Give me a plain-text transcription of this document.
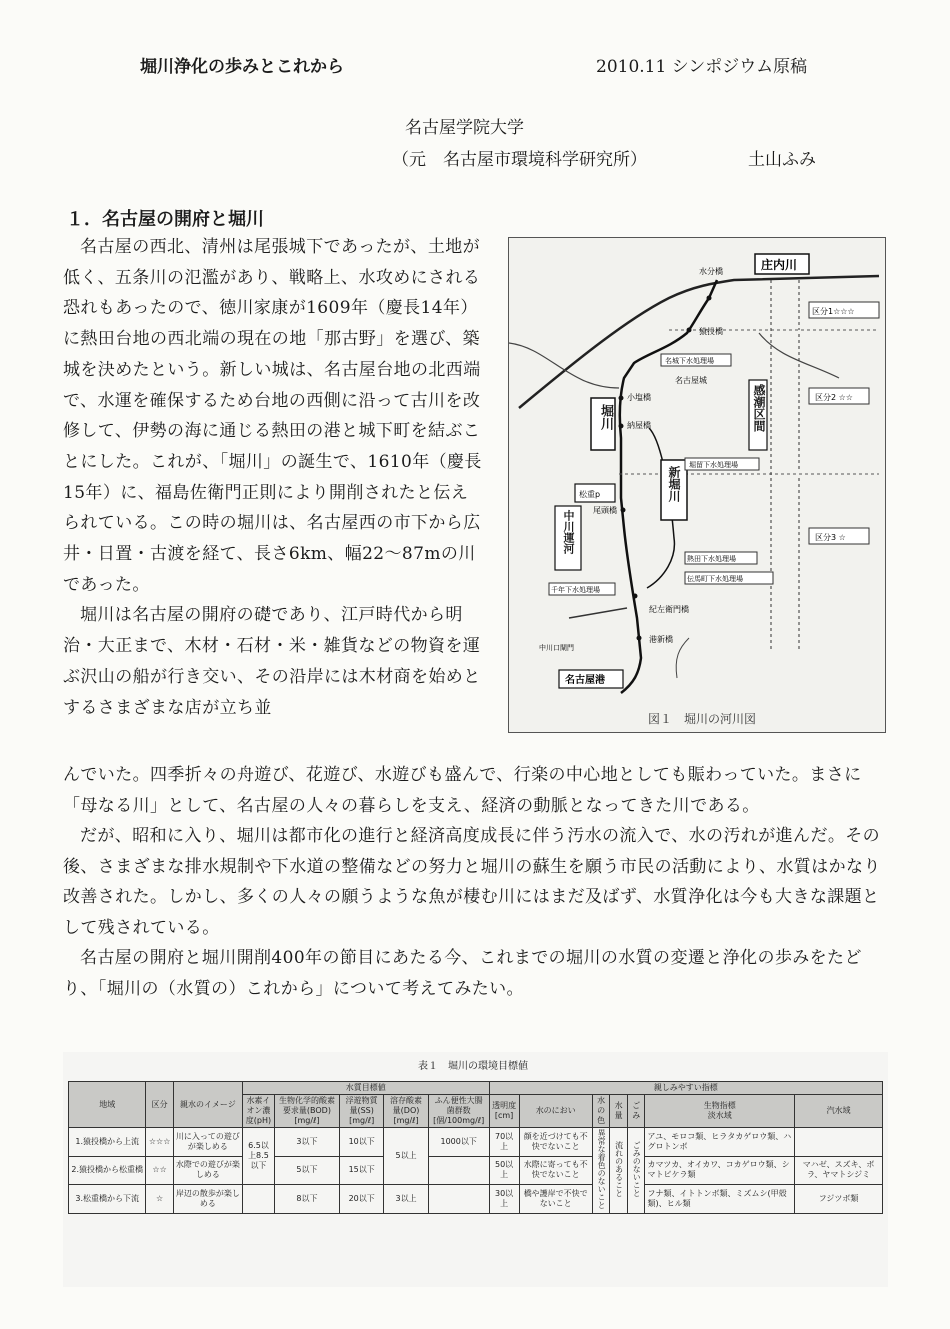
堀川浄化の歩みとこれから	2010.11 シンポジウム原稿
名古屋学院大学
（元　名古屋市環境科学研究所）	土山ふみ
１．名古屋の開府と堀川

名古屋の西北、清州は尾張城下であったが、土地が低く、五条川の氾濫があり、戦略上、水攻めにされる恐れもあったので、徳川家康が1609年（慶長14年）に熱田台地の西北端の現在の地「那古野」を選び、築城を決めたという。新しい城は、名古屋台地の北西端で、水運を確保するため台地の西側に沿って古川を改修して、伊勢の海に通じる熱田の港と城下町を結ぶことにした。これが、「堀川」の誕生で、1610年（慶長15年）に、福島佐衛門正則により開削されたと伝えられている。この時の堀川は、名古屋西の市下から広井・日置・古渡を経て、長さ6km、幅22～87mの川であった。

堀川は名古屋の開府の礎であり、江戸時代から明治・大正まで、木材・石材・米・雑貨などの物資を運ぶ沢山の船が行き交い、その沿岸には木材商を始めとするさまざまな店が立ち並

んでいた。四季折々の舟遊び、花遊び、水遊びも盛んで、行楽の中心地としても賑わっていた。まさに「母なる川」として、名古屋の人々の暮らしを支え、経済の動脈となってきた川である。

だが、昭和に入り、堀川は都市化の進行と経済高度成長に伴う汚水の流入で、水の汚れが進んだ。その後、さまざまな排水規制や下水道の整備などの努力と堀川の蘇生を願う市民の活動により、水質はかなり改善された。しかし、多くの人々の願うような魚が棲む川にはまだ及ばず、水質浄化は今も大きな課題として残されている。

名古屋の開府と堀川開削400年の節目にあたる今、これまでの堀川の水質の変遷と浄化の歩みをたどり、「堀川の（水質の）これから」について考えてみたい。

庄内川
水分橋
猿投橋
名城下水処理場
名古屋城
小塩橋
納屋橋
堀留下水処理場
松重p
尾頭橋
熱田下水処理場
伝馬町下水処理場
千年下水処理場
紀左衛門橋
港新橋
中川口閘門
名古屋港
区分1☆☆☆
区分2 ☆☆
区分3 ☆
堀川
新堀川
中川運河
感潮区間
図１　堀川の河川図
表１　堀川の環境目標値
地域	区分	親水のイメージ	水質目標値					親しみやすい指標						
			水素イオン濃度(pH)	生物化学的酸素要求量(BOD)[mg/ℓ]	浮遊物質量(SS)[mg/ℓ]	溶存酸素量(DO)[mg/ℓ]	ふん便性大腸菌群数[個/100mg/ℓ]	透明度[cm]	水のにおい	水の色	水量	ごみ	生物指標
淡水域	汽水域
1.猿投橋から上流	☆☆☆	川に入っての遊びが楽しめる	6.5以上8.5以下	3以下	10以下	5以上	1000以下	70以上	顔を近づけても不快でないこと	異常な着色のないこと	流れのあること	ごみのないこと	アユ、モロコ類、ヒラタカゲロウ類、ハグロトンボ	
2.猿投橋から松重橋	☆☆	水際での遊びが楽しめる		5以下	15以下			50以上	水際に寄っても不快でないこと				カマツカ、オイカワ、コカゲロウ類、シマトビケラ類	マハゼ、スズキ、ボラ、ヤマトシジミ
3.松重橋から下流	☆	岸辺の散歩が楽しめる		8以下	20以下	3以上		30以上	橋や護岸で不快でないこと				フナ類、イトトンボ類、ミズムシ(甲殻類)、ヒル類	フジツボ類
